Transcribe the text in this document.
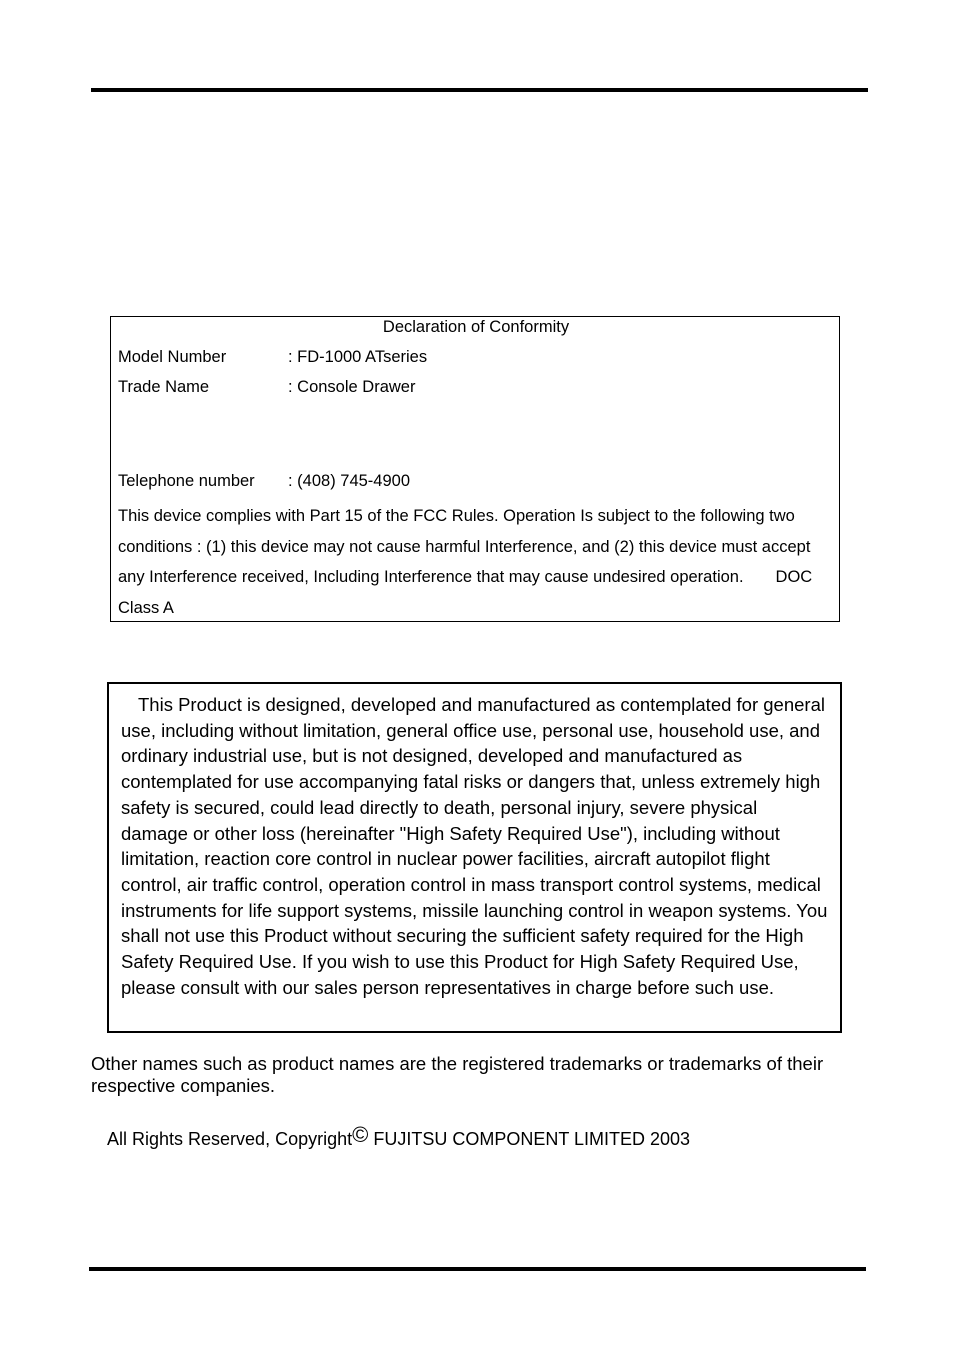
Declaration of Conformity
Model Number	: FD-1000 ATseries
Trade Name	: Console Drawer
Telephone number : (408) 745-4900
This device complies with Part 15 of the FCC Rules. Operation Is subject to the following two conditions : (1) this device may not cause harmful Interference, and (2) this device must accept any Interference received, Including Interference that may cause undesired operation. DOC Class A
This Product is designed, developed and manufactured as contemplated for general use, including without limitation, general office use, personal use, household use, and ordinary industrial use, but is not designed, developed and manufactured as contemplated for use accompanying fatal risks or dangers that, unless extremely high safety is secured, could lead directly to death, personal injury, severe physical damage or other loss (hereinafter "High Safety Required Use"), including without limitation, reaction core control in nuclear power facilities, aircraft autopilot flight control, air traffic control, operation control in mass transport control systems, medical instruments for life support systems, missile launching control in weapon systems. You shall not use this Product without securing the sufficient safety required for the High Safety Required Use. If you wish to use this Product for High Safety Required Use, please consult with our sales person representatives in charge before such use.
Other names such as product names are the registered trademarks or trademarks of their respective companies.
All Rights Reserved, Copyright© FUJITSU COMPONENT LIMITED 2003
